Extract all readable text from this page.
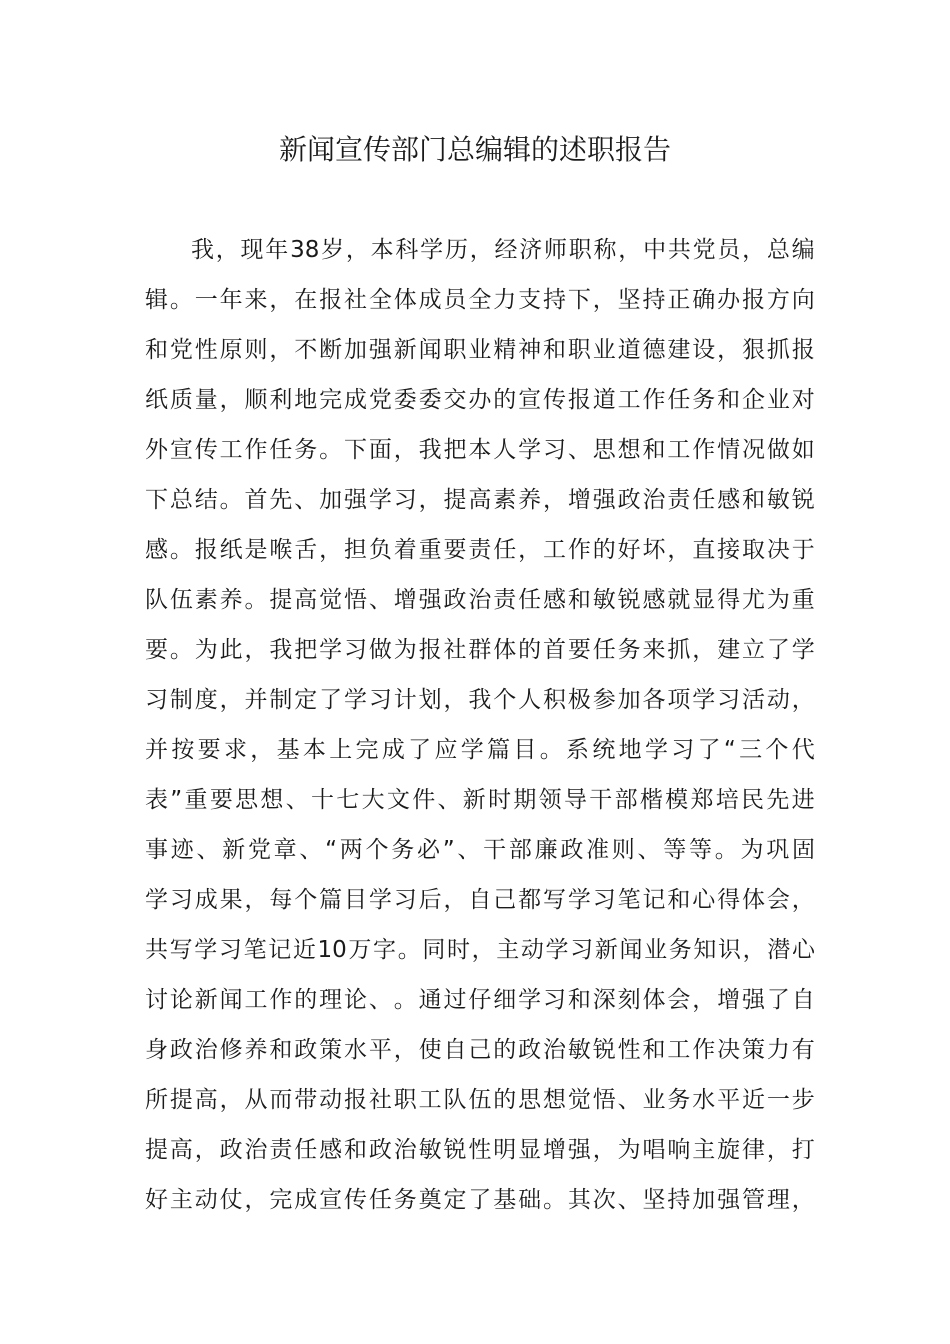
新闻宣传部门总编辑的述职报告
我 ， 现 年 38 岁 ， 本 科 学 历 ， 经 济 师 职 称 ， 中 共 党 员 ， 总 编
辑 。 一 年 来 ， 在 报 社 全 体 成 员 全 力 支 持 下 ， 坚 持 正 确 办 报 方 向
和 党 性 原 则 ， 不 断 加 强 新 闻 职 业 精 神 和 职 业 道 德 建 设 ， 狠 抓 报
纸 质 量 ， 顺 利 地 完 成 党 委 委 交 办 的 宣 传 报 道 工 作 任 务 和 企 业 对
外 宣 传 工 作 任 务 。 下 面 ， 我 把 本 人 学 习 、 思 想 和 工 作 情 况 做 如
下 总 结 。 首 先 、 加 强 学 习 ， 提 高 素 养 ， 增 强 政 治 责 任 感 和 敏 锐
感 。 报 纸 是 喉 舌 ， 担 负 着 重 要 责 任 ， 工 作 的 好 坏 ， 直 接 取 决 于
队 伍 素 养 。 提 高 觉 悟 、 增 强 政 治 责 任 感 和 敏 锐 感 就 显 得 尤 为 重
要 。 为 此 ， 我 把 学 习 做 为 报 社 群 体 的 首 要 任 务 来 抓 ， 建 立 了 学
习 制 度 ， 并 制 定 了 学 习 计 划 ， 我 个 人 积 极 参 加 各 项 学 习 活 动 ，
并 按 要 求 ， 基 本 上 完 成 了 应 学 篇 目 。 系 统 地 学 习 了 “ 三 个 代
表 ” 重 要 思 想 、 十 七 大 文 件 、 新 时 期 领 导 干 部 楷 模 郑 培 民 先 进
事 迹 、 新 党 章 、 “ 两 个 务 必 ” 、 干 部 廉 政 准 则 、 等 等 。 为 巩 固
学 习 成 果 ， 每 个 篇 目 学 习 后 ， 自 己 都 写 学 习 笔 记 和 心 得 体 会 ，
共 写 学 习 笔 记 近 10 万 字 。 同 时 ， 主 动 学 习 新 闻 业 务 知 识 ， 潜 心
讨 论 新 闻 工 作 的 理 论 、 。 通 过 仔 细 学 习 和 深 刻 体 会 ， 增 强 了 自
身 政 治 修 养 和 政 策 水 平 ， 使 自 己 的 政 治 敏 锐 性 和 工 作 决 策 力 有
所 提 高 ， 从 而 带 动 报 社 职 工 队 伍 的 思 想 觉 悟 、 业 务 水 平 近 一 步
提 高 ， 政 治 责 任 感 和 政 治 敏 锐 性 明 显 增 强 ， 为 唱 响 主 旋 律 ， 打
好 主 动 仗 ， 完 成 宣 传 任 务 奠 定 了 基 础 。 其 次 、 坚 持 加 强 管 理 ，
